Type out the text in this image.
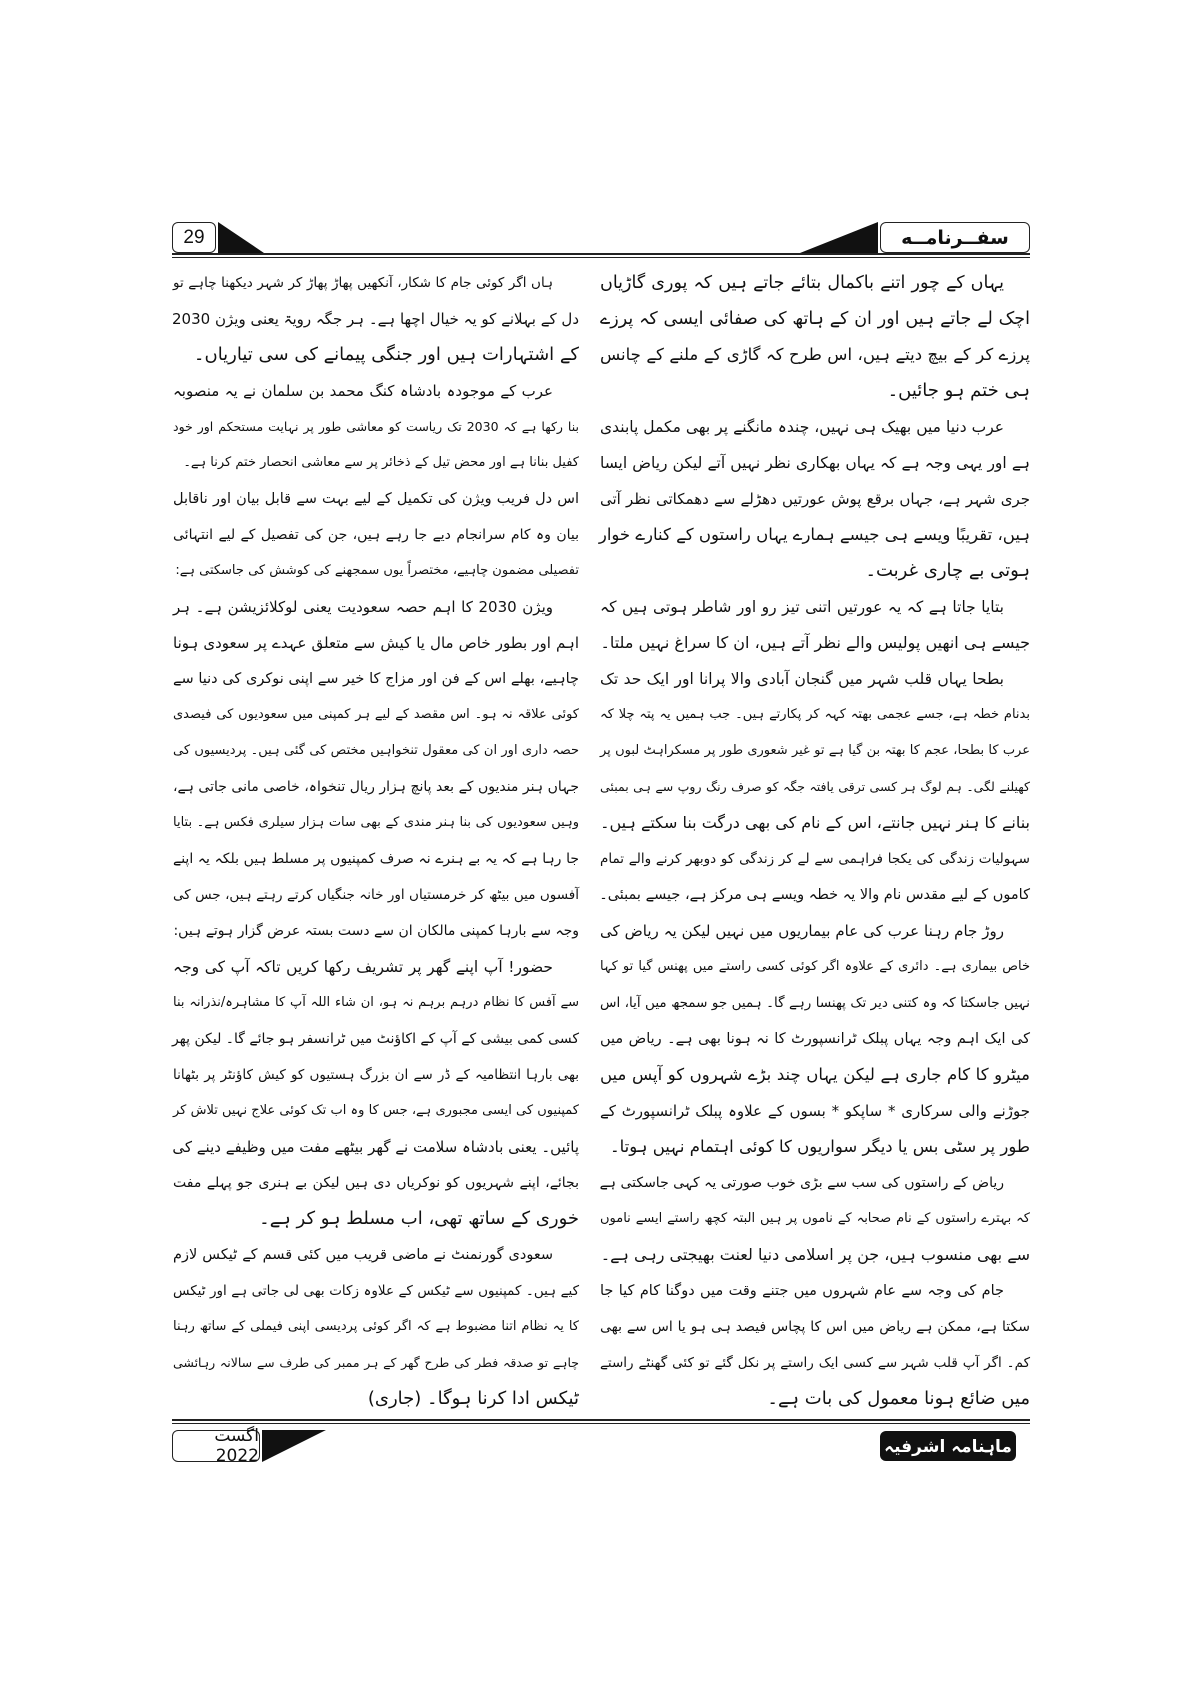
29	سفــرنامــه
یہاں کے چور اتنے باکمال بتائے جاتے ہیں کہ پوری گاڑیاں
اچک لے جاتے ہیں اور ان کے ہاتھ کی صفائی ایسی کہ پرزے
پرزے کر کے بیچ دیتے ہیں، اس طرح کہ گاڑی کے ملنے کے چانس
ہی ختم ہو جائیں۔
عرب دنیا میں بھیک ہی نہیں، چندہ مانگنے پر بھی مکمل پابندی
ہے اور یہی وجہ ہے کہ یہاں بھکاری نظر نہیں آتے لیکن ریاض ایسا
جری شہر ہے، جہاں برقع پوش عورتیں دھڑلے سے دھمکاتی نظر آتی
ہیں، تقریبًا ویسے ہی جیسے ہمارے یہاں راستوں کے کنارے خوار
ہوتی بے چاری غربت۔
بتایا جاتا ہے کہ یہ عورتیں اتنی تیز رو اور شاطر ہوتی ہیں کہ
جیسے ہی انھیں پولیس والے نظر آتے ہیں، ان کا سراغ نہیں ملتا۔
بطحا یہاں قلب شہر میں گنجان آبادی والا پرانا اور ایک حد تک
بدنام خطہ ہے، جسے عجمی بھتہ کہہ کر پکارتے ہیں۔ جب ہمیں یہ پتہ چلا کہ
عرب کا بطحا، عجم کا بھتہ بن گیا ہے تو غیر شعوری طور پر مسکراہٹ لبوں پر
کھیلنے لگی۔ ہم لوگ ہر کسی ترقی یافتہ جگہ کو صرف رنگ روپ سے ہی بمبئی
بنانے کا ہنر نہیں جانتے، اس کے نام کی بھی درگت بنا سکتے ہیں۔
سہولیات زندگی کی یکجا فراہمی سے لے کر زندگی کو دوبھر کرنے والے تمام
کاموں کے لیے مقدس نام والا یہ خطہ ویسے ہی مرکز ہے، جیسے بمبئی۔
روڑ جام رہنا عرب کی عام بیماریوں میں نہیں لیکن یہ ریاض کی
خاص بیماری ہے۔ دائری کے علاوہ اگر کوئی کسی راستے میں پھنس گیا تو کہا
نہیں جاسکتا کہ وہ کتنی دیر تک پھنسا رہے گا۔ ہمیں جو سمجھ میں آیا، اس
کی ایک اہم وجہ یہاں پبلک ٹرانسپورٹ کا نہ ہونا بھی ہے۔ ریاض میں
میٹرو کا کام جاری ہے لیکن یہاں چند بڑے شہروں کو آپس میں
جوڑنے والی سرکاری * ساپکو * بسوں کے علاوہ پبلک ٹرانسپورٹ کے
طور پر سٹی بس یا دیگر سواریوں کا کوئی اہتمام نہیں ہوتا۔
ریاض کے راستوں کی سب سے بڑی خوب صورتی یہ کہی جاسکتی ہے
کہ بہترے راستوں کے نام صحابہ کے ناموں پر ہیں البتہ کچھ راستے ایسے ناموں
سے بھی منسوب ہیں، جن پر اسلامی دنیا لعنت بھیجتی رہی ہے۔
جام کی وجہ سے عام شہروں میں جتنے وقت میں دوگنا کام کیا جا
سکتا ہے، ممکن ہے ریاض میں اس کا پچاس فیصد ہی ہو یا اس سے بھی
کم۔ اگر آپ قلب شہر سے کسی ایک راستے پر نکل گئے تو کئی گھنٹے راستے
میں ضائع ہونا معمول کی بات ہے۔
ہاں اگر کوئی جام کا شکار، آنکھیں پھاڑ پھاڑ کر شہر دیکھنا چاہے تو
دل کے بہلانے کو یہ خیال اچھا ہے۔ ہر جگہ رویۃ یعنی ویژن 2030
کے اشتہارات ہیں اور جنگی پیمانے کی سی تیاریاں۔
عرب کے موجودہ بادشاہ کنگ محمد بن سلمان نے یہ منصوبہ
بنا رکھا ہے کہ 2030 تک ریاست کو معاشی طور پر نہایت مستحکم اور خود
کفیل بنانا ہے اور محض تیل کے ذخائر پر سے معاشی انحصار ختم کرنا ہے۔
اس دل فریب ویژن کی تکمیل کے لیے بہت سے قابل بیان اور ناقابل
بیان وہ کام سرانجام دیے جا رہے ہیں، جن کی تفصیل کے لیے انتہائی
تفصیلی مضمون چاہیے، مختصراً یوں سمجھنے کی کوشش کی جاسکتی ہے:
ویژن 2030 کا اہم حصہ سعودیت یعنی لوکلائزیشن ہے۔ ہر
اہم اور بطور خاص مال یا کیش سے متعلق عہدے پر سعودی ہونا
چاہیے، بھلے اس کے فن اور مزاج کا خیر سے اپنی نوکری کی دنیا سے
کوئی علاقہ نہ ہو۔ اس مقصد کے لیے ہر کمپنی میں سعودیوں کی فیصدی
حصہ داری اور ان کی معقول تنخواہیں مختص کی گئی ہیں۔ پردیسیوں کی
جہاں ہنر مندیوں کے بعد پانچ ہزار ریال تنخواہ، خاصی مانی جاتی ہے،
وہیں سعودیوں کی بنا ہنر مندی کے بھی سات ہزار سیلری فکس ہے۔ بتایا
جا رہا ہے کہ یہ بے ہنرے نہ صرف کمپنیوں پر مسلط ہیں بلکہ یہ اپنے
آفسوں میں بیٹھ کر خرمستیاں اور خانہ جنگیاں کرتے رہتے ہیں، جس کی
وجہ سے بارہا کمپنی مالکان ان سے دست بستہ عرض گزار ہوتے ہیں:
حضور! آپ اپنے گھر پر تشریف رکھا کریں تاکہ آپ کی وجہ
سے آفس کا نظام درہم برہم نہ ہو، ان شاء اللہ آپ کا مشاہرہ/نذرانہ بنا
کسی کمی بیشی کے آپ کے اکاؤنٹ میں ٹرانسفر ہو جائے گا۔ لیکن پھر
بھی بارہا انتظامیہ کے ڈر سے ان بزرگ ہستیوں کو کیش کاؤنٹر پر بٹھانا
کمپنیوں کی ایسی مجبوری ہے، جس کا وہ اب تک کوئی علاج نہیں تلاش کر
پائیں۔ یعنی بادشاہ سلامت نے گھر بیٹھے مفت میں وظیفے دینے کی
بجائے، اپنے شہریوں کو نوکریاں دی ہیں لیکن بے ہنری جو پہلے مفت
خوری کے ساتھ تھی، اب مسلط ہو کر ہے۔
سعودی گورنمنٹ نے ماضی قریب میں کئی قسم کے ٹیکس لازم
کیے ہیں۔ کمپنیوں سے ٹیکس کے علاوہ زکات بھی لی جاتی ہے اور ٹیکس
کا یہ نظام اتنا مضبوط ہے کہ اگر کوئی پردیسی اپنی فیملی کے ساتھ رہنا
چاہے تو صدقہ فطر کی طرح گھر کے ہر ممبر کی طرف سے سالانہ رہائشی
ٹیکس ادا کرنا ہوگا۔ (جاری)
اگست 2022	ماہنامہ اشرفیہ
